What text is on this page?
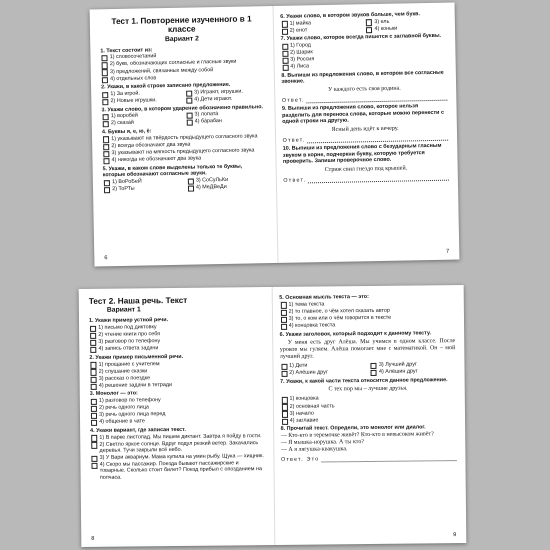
Тест 1. Повторение изученного в 1 классе
Вариант 2
1. Текст состоит из:
1) словосочетаний
2) букв, обозначающих согласные и гласные звуки
3) предложений, связанных между собой
4) отдельных слов
2. Укажи, в какой строке записано предложение.
1) За игрой.	3) Играют, игрушки.
2) Новые игрушки.	4) Дети играют.
3. Укажи слово, в котором ударение обозначено правильно.
1) воробе́й	3) лопата́
2) сказа́й	4) ба́рабан
4. Буквы я, е, ю, ё:
1) указывают на твёрдость предыдущего согласного звука
2) всегда обозначают два звука
3) указывают на мягкость предыдущего согласного звука
4) никогда не обозначают два звука
5. Укажи, в каком слове выделены только те буквы, которые обозначают согласные звуки.
1) ВоРоБеЙ	3) СоСуЛьКи
2) ТоРТы	4) МеДВеДи
6
6. Укажи слово, в котором звуков больше, чем букв.
1) майка	3) ель
2) енот	4) коньки
7. Укажи слово, которое всегда пишется с заглавной буквы.
1) Город
2) Шарик
3) Россия
4) Лиса
8. Выпиши из предложения слово, в котором все согласные звонкие.
У каждого есть своя родина.
Ответ.
9. Выпиши из предложения слово, которое нельзя разделить для переноса слова, которые можно перенести с одной строки на другую.
Ясный день идёт к вечеру.
Ответ.
10. Выпиши из предложения слово с безударным гласным звуком в корне, подчеркни букву, которую требуется проверить. Запиши проверочное слово.
Стриж свил гнездо под крышей.
Ответ.
7
Тест 2. Наша речь. Текст
Вариант 1
1. Укажи пример устной речи.
1) письмо под диктовку
2) чтение книги про себя
3) разговор по телефону
4) запись ответа задачи
2. Укажи пример письменной речи.
1) прощание с учителем
2) слушание сказки
3) рассказ о поездке
4) решение задачи в тетради
3. Монолог — это:
1) разговор по телефону
2) речь одного лица
3) речь одного лица перед
4) общение в чате
4. Укажи вариант, где записан текст.
1) В парке листопад. Мы пишем диктант. Завтра я пойду в гости.
2) Светло яркое солнце. Вдруг подул резкий ветер. Закачались деревья. Тучи закрыли всё небо.
3) У Вари аквариум. Мама купила на умин рыбу. Щука — хищник.
4) Скоро мы пассажир. Поезда бывают пассажирские и товарные. Сколько стоит билет? Поезд прибыл с опозданием на полчаса.
8
5. Основная мысль текста — это:
1) тема текста
2) то главное, о чём хотел сказать автор
3) то, о ком или о чём говорится в тексте
4) концовка текста
6. Укажи заголовок, который подходит к данному тексту.
У меня есть друг Алёша. Мы учимся в одном классе. После уроков мы гуляем. Алёша помогает мне с математикой. Он – мой лучший друг.
1) Дети	3) Лучший друг
2) Алёшин друг	4) Алёшин друг
7. Укажи, к какой части текста относится данное предложение.
С тех пор мы – лучшие друзья.
1) концовка
2) основная часть
3) начало
4) заглавие
8. Прочитай текст. Определи, это монолог или диалог.
— Кто-кто в теремочке живёт? Кто-кто в невысоком живёт?
— Я мышка-норушка. А ты кто?
— А я лягушка-квакушка.
Ответ. Это
9
